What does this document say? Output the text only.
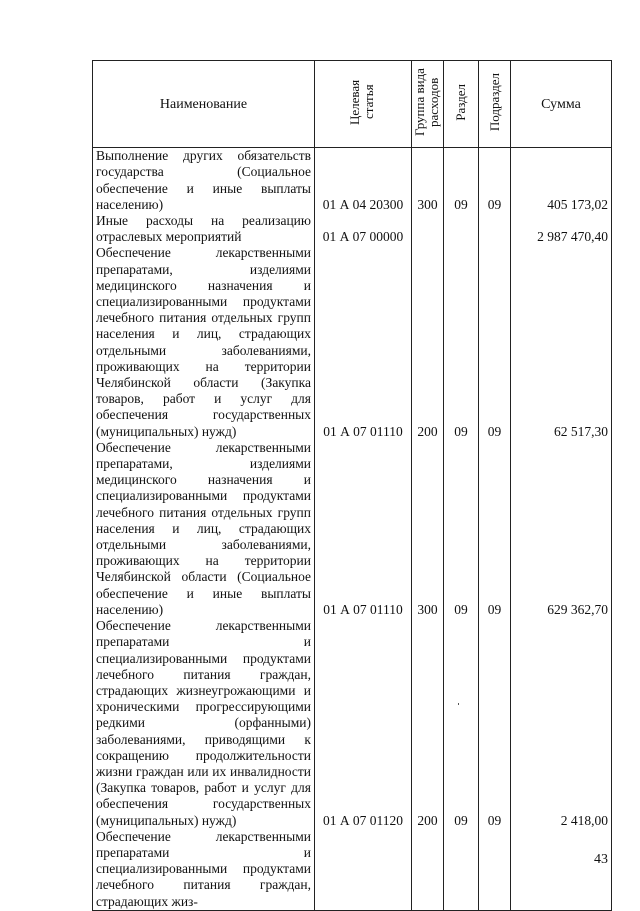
Наименование	Целевая статья	Группа вида расходов	Раздел	Подраздел	Сумма
Выполнение других обязательств государства (Социальное обеспечение и иные выплаты населению)	01 А 04 20300	300	09	09	405 173,02
Иные расходы на реализацию отраслевых мероприятий	01 А 07 00000				2 987 470,40
Обеспечение лекарственными препаратами, изделиями медицинского назначения и специализированными продуктами лечебного питания отдельных групп населения и лиц, страдающих отдельными заболеваниями, проживающих на территории Челябинской области (Закупка товаров, работ и услуг для обеспечения государственных (муниципальных) нужд)	01 А 07 01110	200	09	09	62 517,30
Обеспечение лекарственными препаратами, изделиями медицинского назначения и специализированными продуктами лечебного питания отдельных групп населения и лиц, страдающих отдельными заболеваниями, проживающих на территории Челябинской области (Социальное обеспечение и иные выплаты населению)	01 А 07 01110	300	09	09	629 362,70
Обеспечение лекарственными препаратами и специализированными продуктами лечебного питания граждан, страдающих жизнеугрожающими и хроническими прогрессирующими редкими (орфанными) заболеваниями, приводящими к сокращению продолжительности жизни граждан или их инвалидности (Закупка товаров, работ и услуг для обеспечения государственных (муниципальных) нужд)	01 А 07 01120	200	09	09	2 418,00
Обеспечение лекарственными препаратами и специализированными продуктами лечебного питания граждан, страдающих жиз-					
43
